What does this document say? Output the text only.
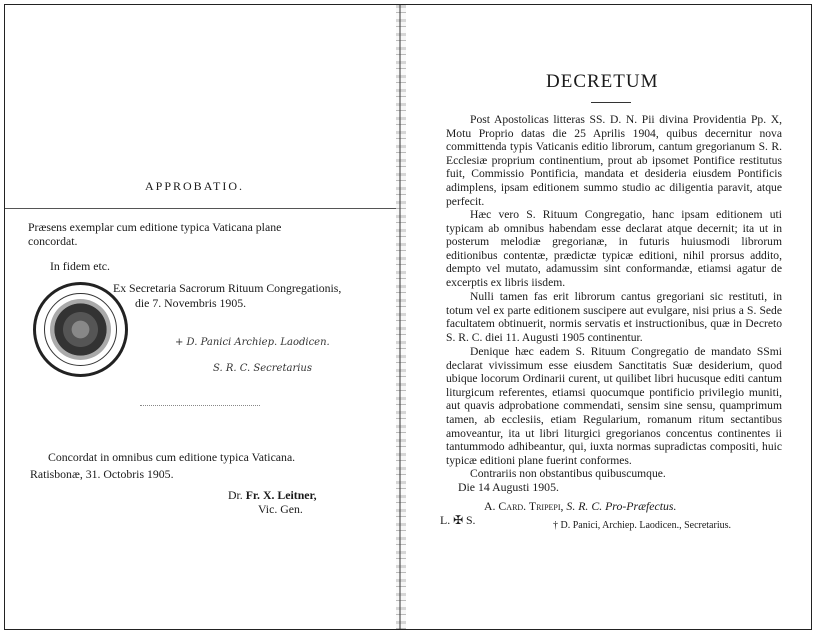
APPROBATIO.
Præsens exemplar cum editione typica Vaticana plane
concordat.
In fidem etc.
Ex Secretaria Sacrorum Rituum Congregationis,
die 7. Novembris 1905.
+ D. Panici Archiep. Laodicen.
S. R. C. Secretarius
Concordat in omnibus cum editione typica Vaticana.
Ratisbonæ, 31. Octobris 1905.
Dr. Fr. X. Leitner,
Vic. Gen.
DECRETUM
Post Apostolicas litteras SS. D. N. Pii divina Providentia Pp. X, Motu Proprio datas die 25 Aprilis 1904, quibus decernitur nova committenda typis Vaticanis editio librorum, cantum gregorianum S. R. Ecclesiæ proprium continentium, prout ab ipsomet Pontifice restitutus fuit, Commissio Pontificia, mandata et desideria eiusdem Pontificis adimplens, ipsam editionem summo studio ac diligentia paravit, atque perfecit.
Hæc vero S. Rituum Congregatio, hanc ipsam editionem uti typicam ab omnibus habendam esse declarat atque decernit; ita ut in posterum melodiæ gregorianæ, in futuris huiusmodi librorum editionibus contentæ, prædictæ typicæ editioni, nihil prorsus addito, dempto vel mutato, adamussim sint conformandæ, etiamsi agatur de excerptis ex libris iisdem.
Nulli tamen fas erit librorum cantus gregoriani sic restituti, in totum vel ex parte editionem suscipere aut evulgare, nisi prius a S. Sede facultatem obtinuerit, normis servatis et instructionibus, quæ in Decreto S. R. C. diei 11. Augusti 1905 continentur.
Denique hæc eadem S. Rituum Congregatio de mandato SSmi declarat vivissimum esse eiusdem Sanctitatis Suæ desiderium, quod ubique locorum Ordinarii curent, ut quilibet libri hucusque editi cantum liturgicum referentes, etiamsi quocumque pontificio privilegio muniti, aut quavis adprobatione commendati, sensim sine sensu, quamprimum tamen, ab ecclesiis, etiam Regularium, romanum ritum sectantibus amoveantur, ita ut libri liturgici gregorianos concentus continentes ii tantummodo adhibeantur, qui, iuxta normas supradictas compositi, huic typicæ editioni plane fuerint conformes.
Contrariis non obstantibus quibuscumque.
Die 14 Augusti 1905.
A. Card. Tripepi, S. R. C. Pro-Præfectus.
L. ✠ S.	† D. Panici, Archiep. Laodicen., Secretarius.
